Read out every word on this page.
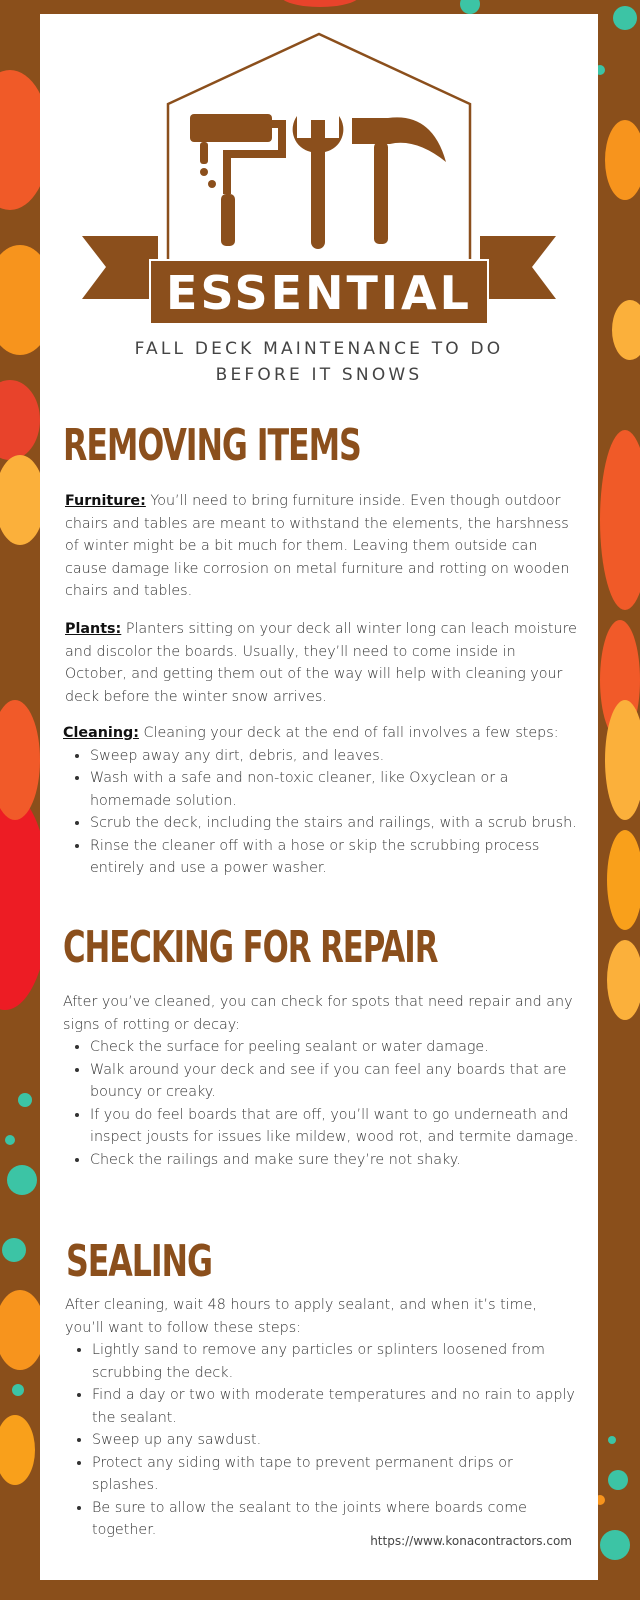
ESSENTIAL
FALL DECK MAINTENANCE TO DO
BEFORE IT SNOWS
REMOVING ITEMS
Furniture: You’ll need to bring furniture inside. Even though outdoor chairs and tables are meant to withstand the elements, the harshness of winter might be a bit much for them. Leaving them outside can cause damage like corrosion on metal furniture and rotting on wooden chairs and tables.
Plants: Planters sitting on your deck all winter long can leach moisture and discolor the boards. Usually, they’ll need to come inside in October, and getting them out of the way will help with cleaning your deck before the winter snow arrives.
Cleaning: Cleaning your deck at the end of fall involves a few steps:
• Sweep away any dirt, debris, and leaves.
• Wash with a safe and non-toxic cleaner, like Oxyclean or a homemade solution.
• Scrub the deck, including the stairs and railings, with a scrub brush.
• Rinse the cleaner off with a hose or skip the scrubbing process entirely and use a power washer.
CHECKING FOR REPAIR
After you’ve cleaned, you can check for spots that need repair and any signs of rotting or decay:
• Check the surface for peeling sealant or water damage.
• Walk around your deck and see if you can feel any boards that are bouncy or creaky.
• If you do feel boards that are off, you’ll want to go underneath and inspect jousts for issues like mildew, wood rot, and termite damage.
• Check the railings and make sure they’re not shaky.
SEALING
After cleaning, wait 48 hours to apply sealant, and when it’s time, you’ll want to follow these steps:
• Lightly sand to remove any particles or splinters loosened from scrubbing the deck.
• Find a day or two with moderate temperatures and no rain to apply the sealant.
• Sweep up any sawdust.
• Protect any siding with tape to prevent permanent drips or splashes.
• Be sure to allow the sealant to the joints where boards come together.
https://www.konacontractors.com
